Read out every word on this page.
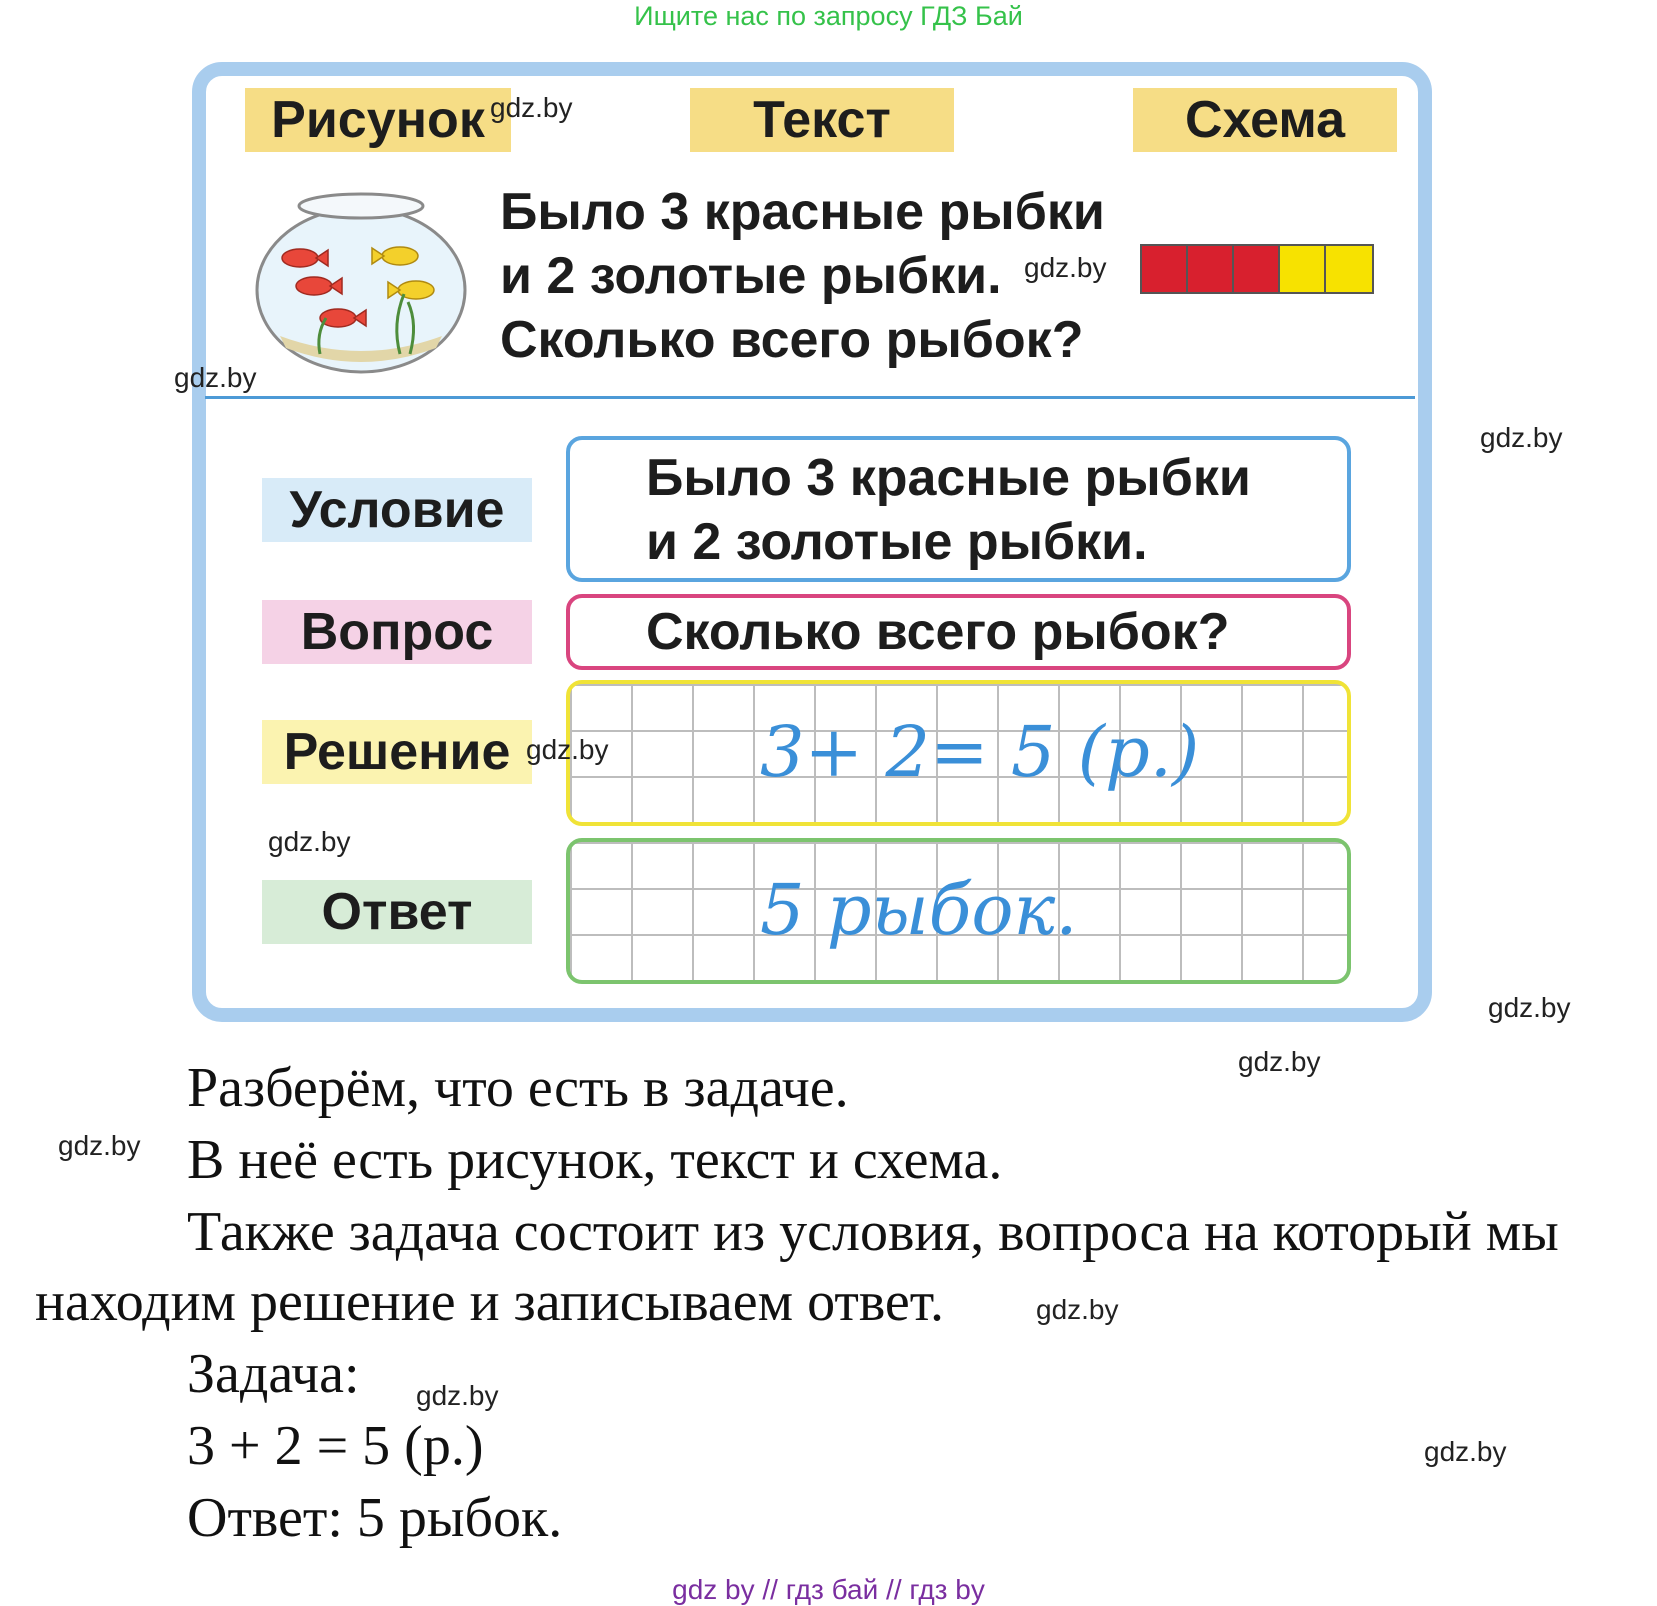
Ищите нас по запросу ГДЗ Бай
Рисунок	Текст	Схема
Было 3 красные рыбки
и 2 золотые рыбки.
Сколько всего рыбок?
Условие
Вопрос
Решение
Ответ
Было 3 красные рыбки
и 2 золотые рыбки.
Сколько всего рыбок?
3+ 2= 5 (р.)
5 рыбок.
Разберём, что есть в задаче.
В неё есть рисунок, текст и схема.
Также задача состоит из условия, вопроса на который мы
находим решение и записываем ответ.
Задача:
3 + 2 = 5 (р.)
Ответ: 5 рыбок.
gdz.by
gdz.by
gdz.by
gdz.by
gdz.by
gdz.by
gdz.by
gdz.by
gdz.by
gdz.by
gdz.by
gdz.by
gdz by // гдз бай // гдз by
